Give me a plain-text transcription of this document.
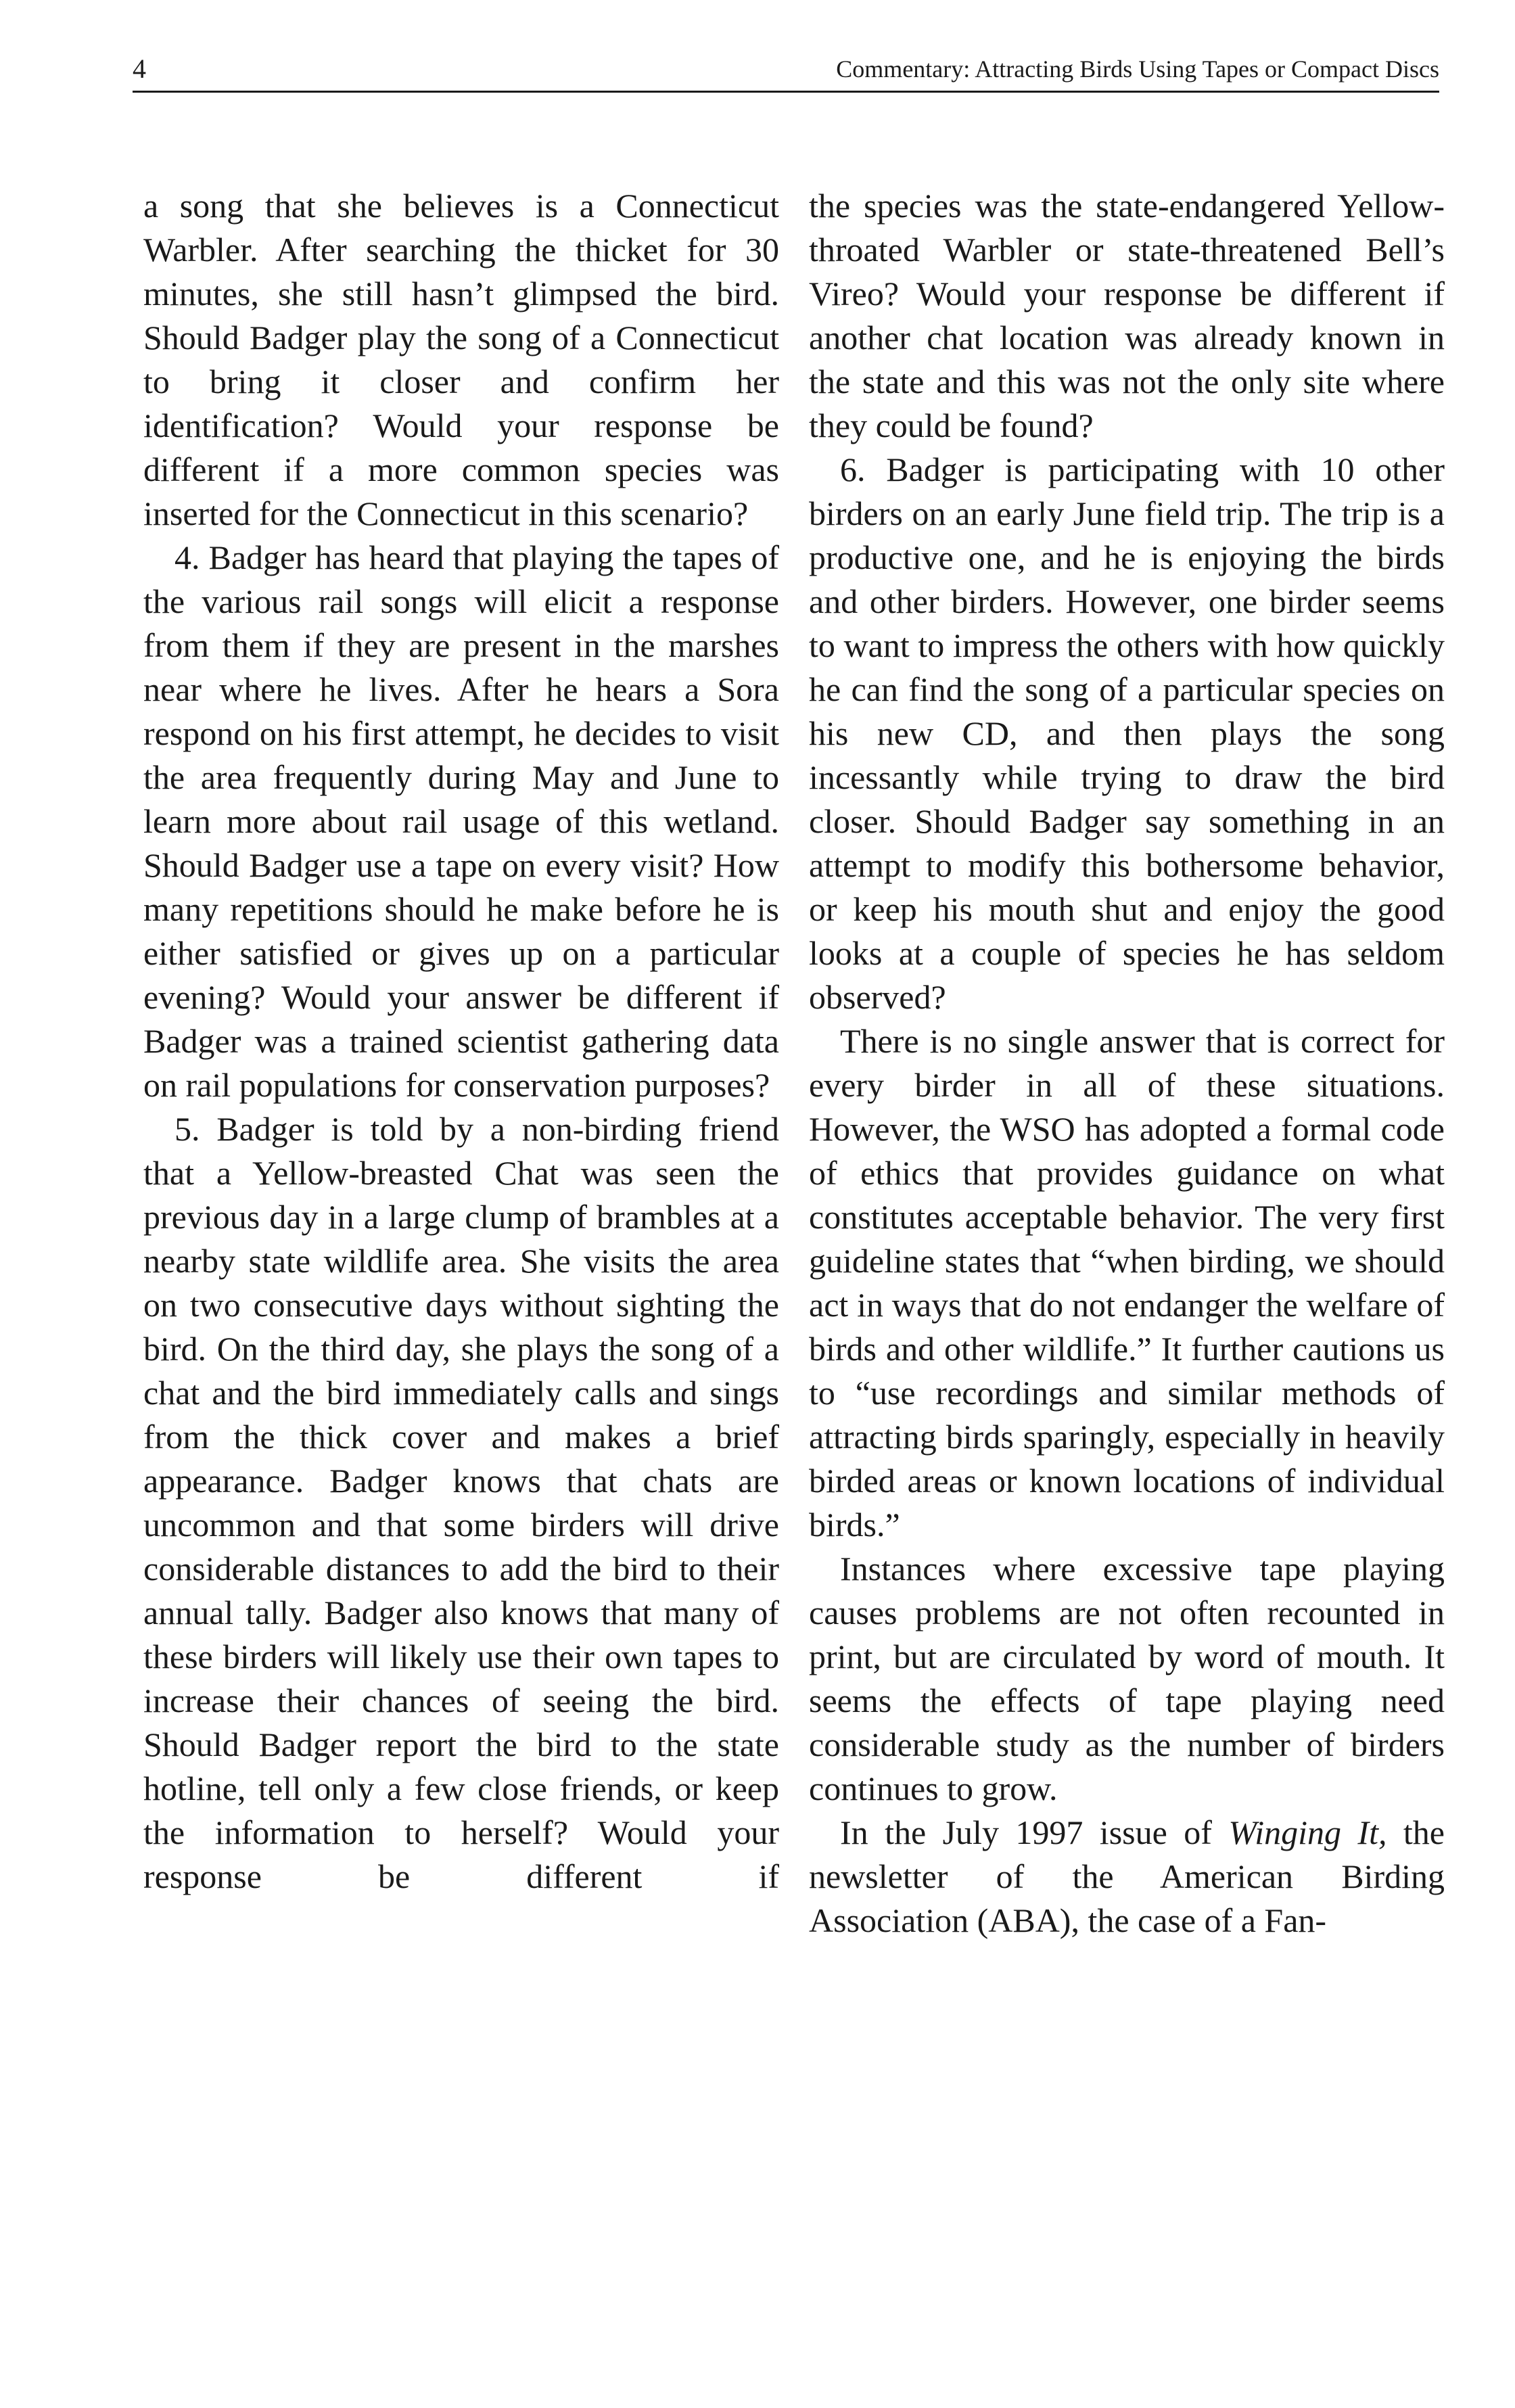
4	Commentary: Attracting Birds Using Tapes or Compact Discs

a song that she believes is a Connecticut Warbler. After searching the thicket for 30 minutes, she still hasn’t glimpsed the bird. Should Badger play the song of a Connecticut to bring it closer and confirm her identification? Would your response be different if a more common species was inserted for the Connecticut in this scenario?

4. Badger has heard that playing the tapes of the various rail songs will elicit a response from them if they are present in the marshes near where he lives. After he hears a Sora respond on his first attempt, he decides to visit the area frequently during May and June to learn more about rail usage of this wetland. Should Badger use a tape on every visit? How many repetitions should he make before he is either satisfied or gives up on a particular evening? Would your answer be different if Badger was a trained scientist gathering data on rail populations for conservation purposes?

5. Badger is told by a non-birding friend that a Yellow-breasted Chat was seen the previous day in a large clump of brambles at a nearby state wildlife area. She visits the area on two consecutive days without sighting the bird. On the third day, she plays the song of a chat and the bird immediately calls and sings from the thick cover and makes a brief appearance. Badger knows that chats are uncommon and that some birders will drive considerable distances to add the bird to their annual tally. Badger also knows that many of these birders will likely use their own tapes to increase their chances of seeing the bird. Should Badger report the bird to the state hotline, tell only a few close friends, or keep the information to herself? Would your response be different if

the species was the state-endangered Yellow-throated Warbler or state-threatened Bell’s Vireo? Would your response be different if another chat location was already known in the state and this was not the only site where they could be found?

6. Badger is participating with 10 other birders on an early June field trip. The trip is a productive one, and he is enjoying the birds and other birders. However, one birder seems to want to impress the others with how quickly he can find the song of a particular species on his new CD, and then plays the song incessantly while trying to draw the bird closer. Should Badger say something in an attempt to modify this bothersome behavior, or keep his mouth shut and enjoy the good looks at a couple of species he has seldom observed?

There is no single answer that is correct for every birder in all of these situations. However, the WSO has adopted a formal code of ethics that provides guidance on what constitutes acceptable behavior. The very first guideline states that “when birding, we should act in ways that do not endanger the welfare of birds and other wildlife.” It further cautions us to “use recordings and similar methods of attracting birds sparingly, especially in heavily birded areas or known locations of individual birds.”

Instances where excessive tape playing causes problems are not often recounted in print, but are circulated by word of mouth. It seems the effects of tape playing need considerable study as the number of birders continues to grow.

In the July 1997 issue of Winging It, the newsletter of the American Birding Association (ABA), the case of a Fan-
